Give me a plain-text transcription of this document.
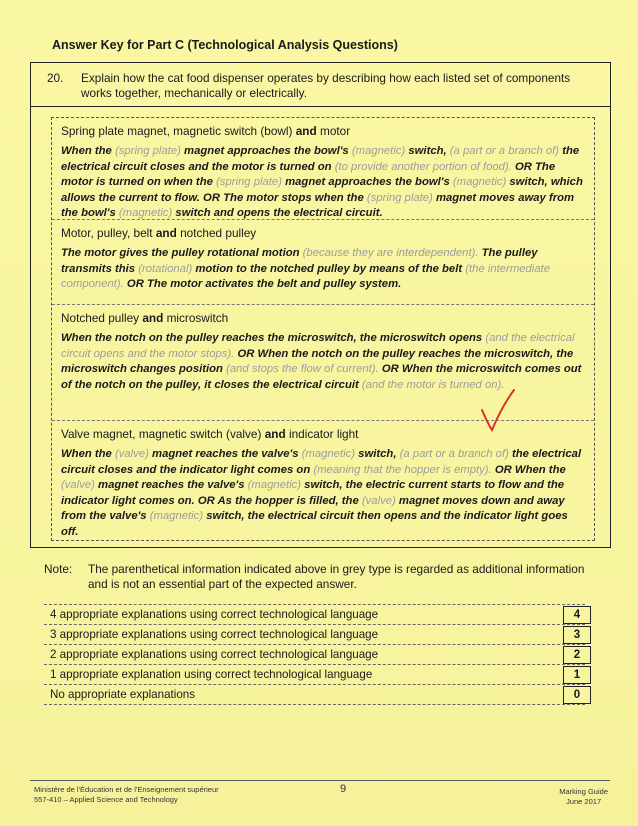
Answer Key for Part C (Technological Analysis Questions)
20. Explain how the cat food dispenser operates by describing how each listed set of components works together, mechanically or electrically.
Spring plate magnet, magnetic switch (bowl) and motor

When the (spring plate) magnet approaches the bowl's (magnetic) switch, (a part or a branch of) the electrical circuit closes and the motor is turned on (to provide another portion of food). OR The motor is turned on when the (spring plate) magnet approaches the bowl's (magnetic) switch, which allows the current to flow. OR The motor stops when the (spring plate) magnet moves away from the bowl's (magnetic) switch and opens the electrical circuit.

Motor, pulley, belt and notched pulley

The motor gives the pulley rotational motion (because they are interdependent). The pulley transmits this (rotational) motion to the notched pulley by means of the belt (the intermediate component). OR The motor activates the belt and pulley system.

Notched pulley and microswitch

When the notch on the pulley reaches the microswitch, the microswitch opens (and the electrical circuit opens and the motor stops). OR When the notch on the pulley reaches the microswitch, the microswitch changes position (and stops the flow of current). OR When the microswitch comes out of the notch on the pulley, it closes the electrical circuit (and the motor is turned on).

Valve magnet, magnetic switch (valve) and indicator light

When the (valve) magnet reaches the valve's (magnetic) switch, (a part or a branch of) the electrical circuit closes and the indicator light comes on (meaning that the hopper is empty). OR When the (valve) magnet reaches the valve's (magnetic) switch, the electric current starts to flow and the indicator light comes on. OR As the hopper is filled, the (valve) magnet moves down and away from the valve's (magnetic) switch, the electrical circuit then opens and the indicator light goes off.

Note: The parenthetical information indicated above in grey type is regarded as additional information and is not an essential part of the expected answer.
4 appropriate explanations using correct technological language	4
3 appropriate explanations using correct technological language	3
2 appropriate explanations using correct technological language	2
1 appropriate explanation using correct technological language	1
No appropriate explanations	0
Ministère de l'Éducation et de l'Enseignement supérieur
557-410 – Applied Science and Technology
9	Marking Guide
June 2017
